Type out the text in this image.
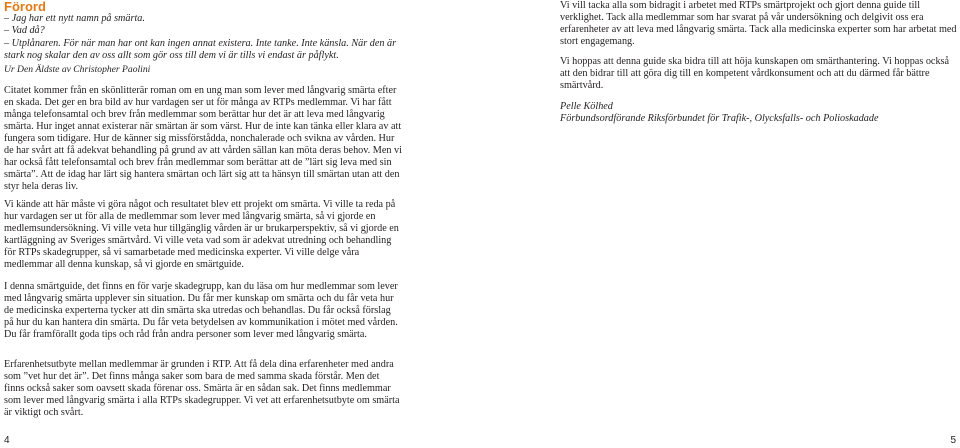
Förord

– Jag har ett nytt namn på smärta.

– Vad då?

– Utplånaren. För när man har ont kan ingen annat existera. Inte tanke. Inte känsla. När den är stark nog skalar den av oss allt som gör oss till dem vi är tills vi endast är påflykt.

Ur Den Äldste av Christopher Paolini

Citatet kommer från en skönlitterär roman om en ung man som lever med långvarig smärta efter en skada. Det ger en bra bild av hur vardagen ser ut för många av RTPs medlemmar. Vi har fått många telefonsamtal och brev från medlemmar som berättar hur det är att leva med långvarig smärta. Hur inget annat existerar när smärtan är som värst. Hur de inte kan tänka eller klara av att fungera som tidigare. Hur de känner sig missförstådda, nonchalerade och svikna av vården. Hur de har svårt att få adekvat behandling på grund av att vården sällan kan möta deras behov. Men vi har också fått telefonsamtal och brev från medlemmar som berättar att de ”lärt sig leva med sin smärta”. Att de idag har lärt sig hantera smärtan och lärt sig att ta hänsyn till smärtan utan att den styr hela deras liv.

Vi kände att här måste vi göra något och resultatet blev ett projekt om smärta. Vi ville ta reda på hur vardagen ser ut för alla de medlemmar som lever med långvarig smärta, så vi gjorde en medlemsundersökning. Vi ville veta hur tillgänglig vården är ur brukarperspektiv, så vi gjorde en kartläggning av Sveriges smärtvård. Vi ville veta vad som är adekvat utredning och behandling för RTPs skadegrupper, så vi samarbetade med medicinska experter. Vi ville delge våra medlemmar all denna kunskap, så vi gjorde en smärtguide.

I denna smärtguide, det finns en för varje skadegrupp, kan du läsa om hur medlemmar som lever med långvarig smärta upplever sin situation. Du får mer kunskap om smärta och du får veta hur de medicinska experterna tycker att din smärta ska utredas och behandlas. Du får också förslag på hur du kan hantera din smärta. Du får veta betydelsen av kommunikation i mötet med vården. Du får framförallt goda tips och råd från andra personer som lever med långvarig smärta.

Erfarenhetsutbyte mellan medlemmar är grunden i RTP. Att få dela dina erfarenheter med andra som ”vet hur det är”. Det finns många saker som bara de med samma skada förstår. Men det finns också saker som oavsett skada förenar oss. Smärta är en sådan sak. Det finns medlemmar som lever med långvarig smärta i alla RTPs skadegrupper. Vi vet att erfarenhetsutbyte om smärta är viktigt och svårt.

4

Vi vill tacka alla som bidragit i arbetet med RTPs smärtprojekt och gjort denna guide till verklighet. Tack alla medlemmar som har svarat på vår undersökning och delgivit oss era erfarenheter av att leva med långvarig smärta. Tack alla medicinska experter som har arbetat med stort engagemang.

Vi hoppas att denna guide ska bidra till att höja kunskapen om smärthantering. Vi hoppas också att den bidrar till att göra dig till en kompetent vårdkonsument och att du därmed får bättre smärtvård.

Pelle Kölhed
Förbundsordförande Riksförbundet för Trafik-, Olycksfalls- och Polioskadade

5
